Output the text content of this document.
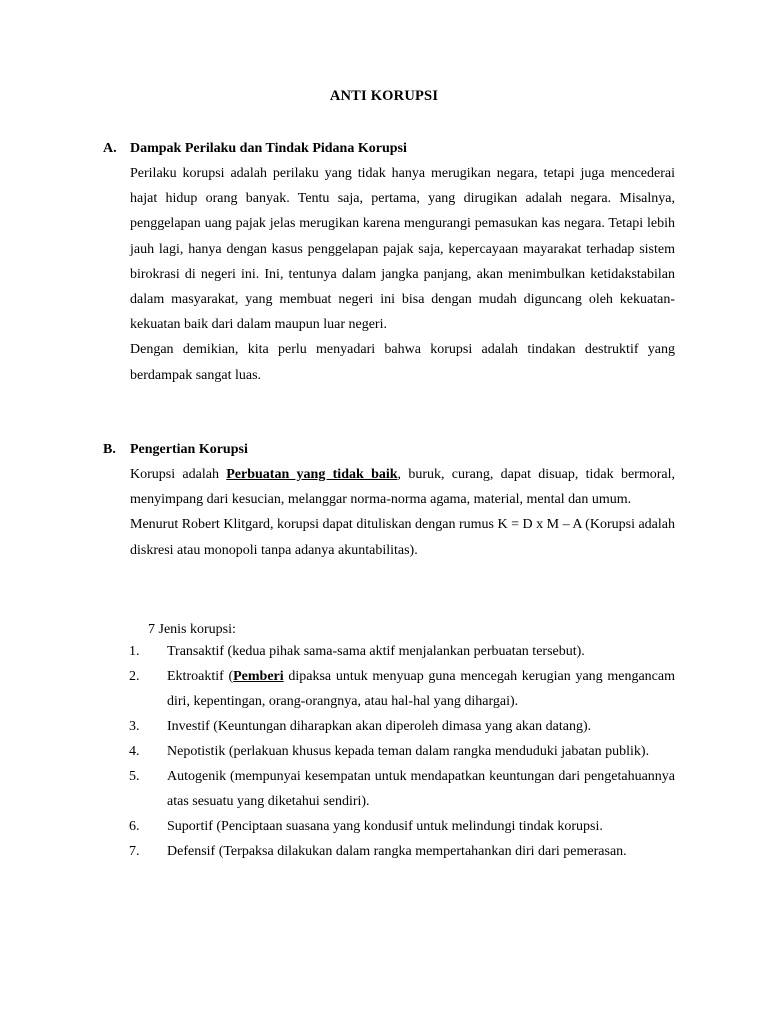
ANTI KORUPSI
A. Dampak Perilaku dan Tindak Pidana Korupsi

Perilaku korupsi adalah perilaku yang tidak hanya merugikan negara, tetapi juga mencederai hajat hidup orang banyak. Tentu saja, pertama, yang dirugikan adalah negara. Misalnya, penggelapan uang pajak jelas merugikan karena mengurangi pemasukan kas negara. Tetapi lebih jauh lagi, hanya dengan kasus penggelapan pajak saja, kepercayaan mayarakat terhadap sistem birokrasi di negeri ini. Ini, tentunya dalam jangka panjang, akan menimbulkan ketidakstabilan dalam masyarakat, yang membuat negeri ini bisa dengan mudah diguncang oleh kekuatan-kekuatan baik dari dalam maupun luar negeri.

Dengan demikian, kita perlu menyadari bahwa korupsi adalah tindakan destruktif yang berdampak sangat luas.

B. Pengertian Korupsi

Korupsi adalah Perbuatan yang tidak baik, buruk, curang, dapat disuap, tidak bermoral, menyimpang dari kesucian, melanggar norma-norma agama, material, mental dan umum.

Menurut Robert Klitgard, korupsi dapat dituliskan dengan rumus K = D x M – A (Korupsi adalah diskresi atau monopoli tanpa adanya akuntabilitas).

7 Jenis korupsi:
1. Transaktif (kedua pihak sama-sama aktif menjalankan perbuatan tersebut).
2. Ektroaktif (Pemberi dipaksa untuk menyuap guna mencegah kerugian yang mengancam diri, kepentingan, orang-orangnya, atau hal-hal yang dihargai).
3. Investif (Keuntungan diharapkan akan diperoleh dimasa yang akan datang).
4. Nepotistik (perlakuan khusus kepada teman dalam rangka menduduki jabatan publik).
5. Autogenik (mempunyai kesempatan untuk mendapatkan keuntungan dari pengetahuannya atas sesuatu yang diketahui sendiri).
6. Suportif (Penciptaan suasana yang kondusif untuk melindungi tindak korupsi.
7. Defensif (Terpaksa dilakukan dalam rangka mempertahankan diri dari pemerasan.
